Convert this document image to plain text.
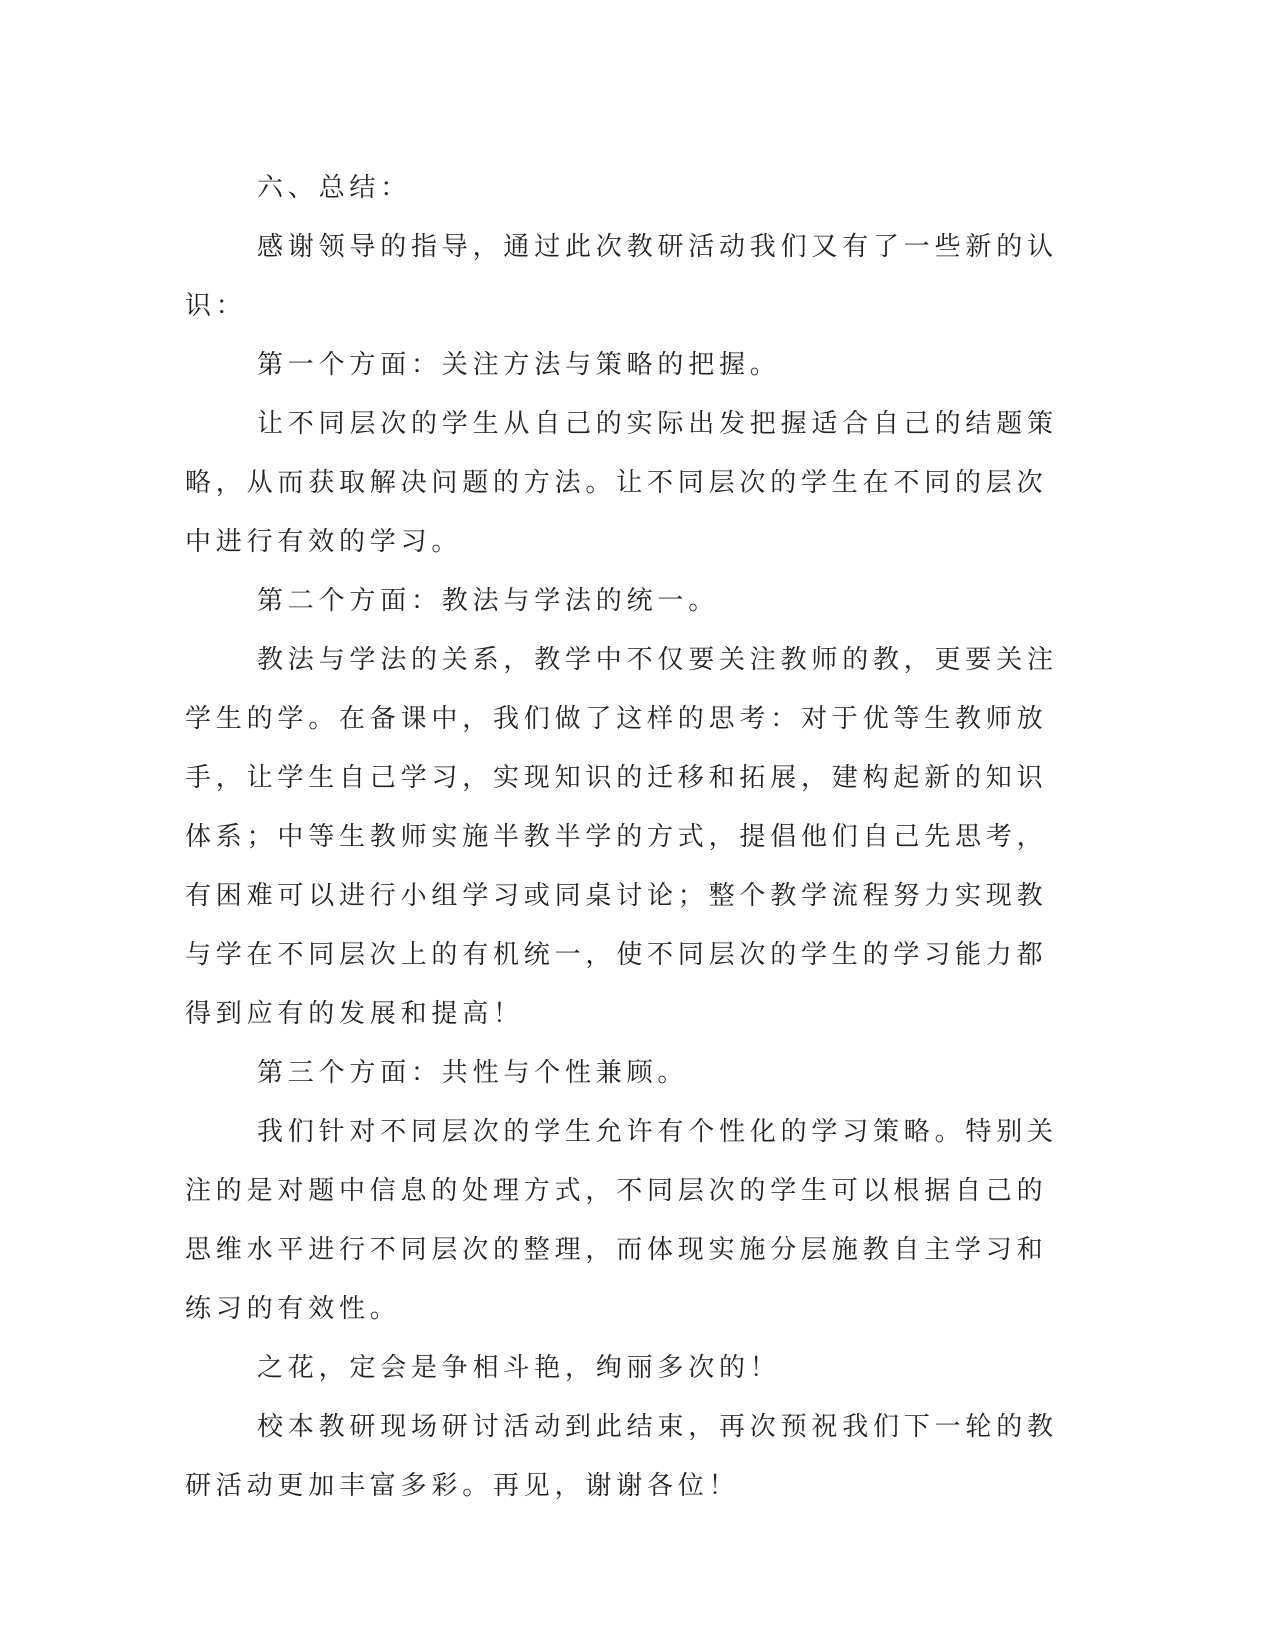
六、总结：

感谢领导的指导，通过此次教研活动我们又有了一些新的认识：

第一个方面：关注方法与策略的把握。

让不同层次的学生从自己的实际出发把握适合自己的结题策略，从而获取解决问题的方法。让不同层次的学生在不同的层次中进行有效的学习。

第二个方面：教法与学法的统一。

教法与学法的关系，教学中不仅要关注教师的教，更要关注学生的学。在备课中，我们做了这样的思考：对于优等生教师放手，让学生自己学习，实现知识的迁移和拓展，建构起新的知识体系；中等生教师实施半教半学的方式，提倡他们自己先思考，有困难可以进行小组学习或同桌讨论；整个教学流程努力实现教与学在不同层次上的有机统一，使不同层次的学生的学习能力都得到应有的发展和提高！

第三个方面：共性与个性兼顾。

我们针对不同层次的学生允许有个性化的学习策略。特别关注的是对题中信息的处理方式，不同层次的学生可以根据自己的思维水平进行不同层次的整理，而体现实施分层施教自主学习和练习的有效性。

之花，定会是争相斗艳，绚丽多次的！

校本教研现场研讨活动到此结束，再次预祝我们下一轮的教研活动更加丰富多彩。再见，谢谢各位！
